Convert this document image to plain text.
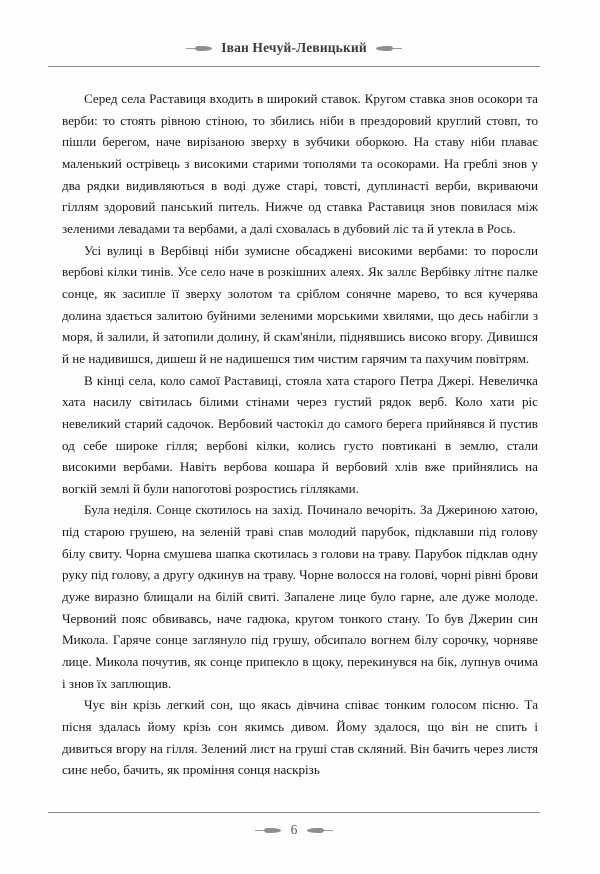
Іван Нечуй-Левицький

Серед села Раставиця входить в широкий ставок. Кругом ставка знов осокори та верби: то стоять рівною стіною, то збились ніби в прездоровий круглий стовп, то пішли берегом, наче вирізаною зверху в зубчики оборкою. На ставу ніби плаває маленький острівець з високими старими тополями та осокорами. На греблі знов у два рядки видивляються в воді дуже старі, товсті, дуплинасті верби, вкриваючи гіллям здоровий панський питель. Нижче од ставка Раставиця знов повилася між зеленими левадами та вербами, а далі сховалась в дубовий ліс та й утекла в Рось.

Усі вулиці в Вербівці ніби зумисне обсаджені високими вербами: то поросли вербові кілки тинів. Усе село наче в розкішних алеях. Як заллє Вербівку літнє палке сонце, як засипле її зверху золотом та сріблом сонячне марево, то вся кучерява долина здається залитою буйними зеленими морськими хвилями, що десь набігли з моря, й залили, й затопили долину, й скам'яніли, піднявшись високо вгору. Дивишся й не надивишся, дишеш й не надишешся тим чистим гарячим та пахучим повітрям.

В кінці села, коло самої Раставиці, стояла хата старого Петра Джері. Невеличка хата насилу світилась білими стінами через густий рядок верб. Коло хати ріс невеликий старий садочок. Вербовий частокіл до самого берега прийнявся й пустив од себе широке гілля; вербові кілки, колись густо повтикані в землю, стали високими вербами. Навіть вербова кошара й вербовий хлів вже прийнялись на вогкій землі й були напоготові розростись гілляками.

Була неділя. Сонце скотилось на захід. Починало вечоріть. За Джериною хатою, під старою грушею, на зеленій траві спав молодий парубок, підклавши під голову білу свиту. Чорна смушева шапка скотилась з голови на траву. Парубок підклав одну руку під голову, а другу одкинув на траву. Чорне волосся на голові, чорні рівні брови дуже виразно блищали на білій свиті. Запалене лице було гарне, але дуже молоде. Червоний пояс обвивавсь, наче гадюка, кругом тонкого стану. То був Джерин син Микола. Гаряче сонце заглянуло під грушу, обсипало вогнем білу сорочку, чорняве лице. Микола почутив, як сонце припекло в щоку, перекинувся на бік, лупнув очима і знов їх заплющив.

Чує він крізь легкий сон, що якась дівчина співає тонким голосом пісню. Та пісня здалась йому крізь сон якимсь дивом. Йому здалося, що він не спить і дивиться вгору на гілля. Зелений лист на груші став скляний. Він бачить через листя синє небо, бачить, як проміння сонця наскрізь

6
